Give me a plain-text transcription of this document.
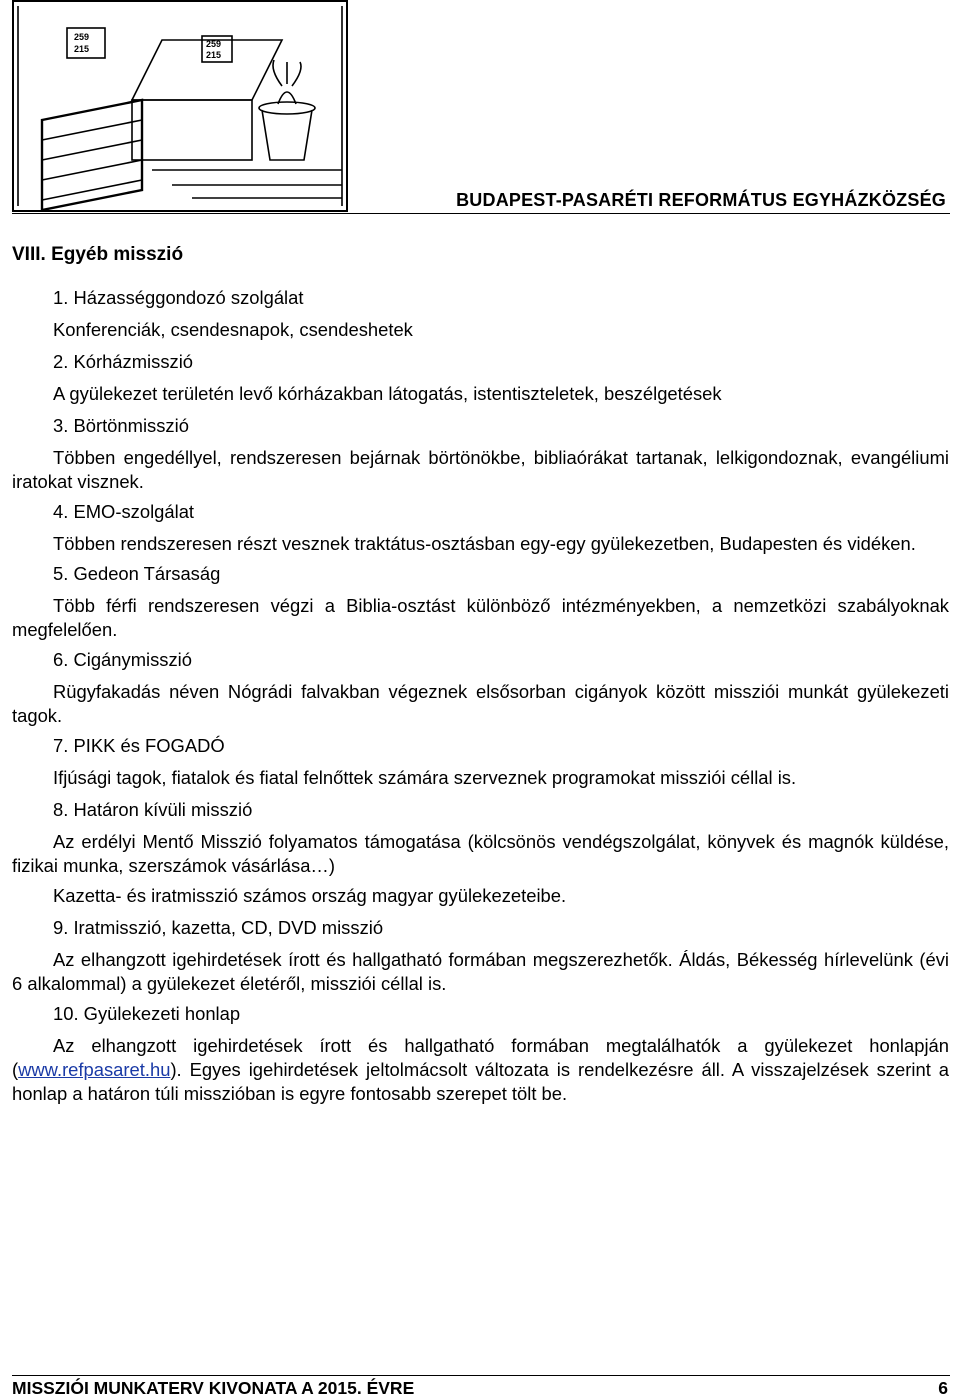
259
215	259
215
BUDAPEST-PASARÉTI REFORMÁTUS EGYHÁZKÖZSÉG
VIII. Egyéb misszió
1. Házasséggondozó szolgálat
Konferenciák, csendesnapok, csendeshetek
2. Kórházmisszió
A gyülekezet területén levő kórházakban látogatás, istentiszteletek, beszélgetések
3. Börtönmisszió
Többen engedéllyel, rendszeresen bejárnak börtönökbe, bibliaórákat tartanak, lelkigondoznak, evangéliumi iratokat visznek.
4. EMO-szolgálat
Többen rendszeresen részt vesznek traktátus-osztásban egy-egy gyülekezetben, Budapesten és vidéken.
5. Gedeon Társaság
Több férfi rendszeresen végzi a Biblia-osztást különböző intézményekben, a nemzetközi szabályoknak megfelelően.
6. Cigánymisszió
Rügyfakadás néven Nógrádi falvakban végeznek elsősorban cigányok között missziói munkát gyülekezeti tagok.
7. PIKK és FOGADÓ
Ifjúsági tagok, fiatalok és fiatal felnőttek számára szerveznek programokat missziói céllal is.
8. Határon kívüli misszió
Az erdélyi Mentő Misszió folyamatos támogatása (kölcsönös vendégszolgálat, könyvek és magnók küldése, fizikai munka, szerszámok vásárlása…)
Kazetta- és iratmisszió számos ország magyar gyülekezeteibe.
9. Iratmisszió, kazetta, CD, DVD misszió
Az elhangzott igehirdetések írott és hallgatható formában megszerezhetők. Áldás, Békesség hírlevelünk (évi 6 alkalommal) a gyülekezet életéről, missziói céllal is.
10. Gyülekezeti honlap
Az elhangzott igehirdetések írott és hallgatható formában megtalálhatók a gyülekezet honlapján (www.refpasaret.hu). Egyes igehirdetések jeltolmácsolt változata is rendelkezésre áll. A visszajelzések szerint a honlap a határon túli misszióban is egyre fontosabb szerepet tölt be.
MISSZIÓI MUNKATERV KIVONATA A 2015. ÉVRE	6
